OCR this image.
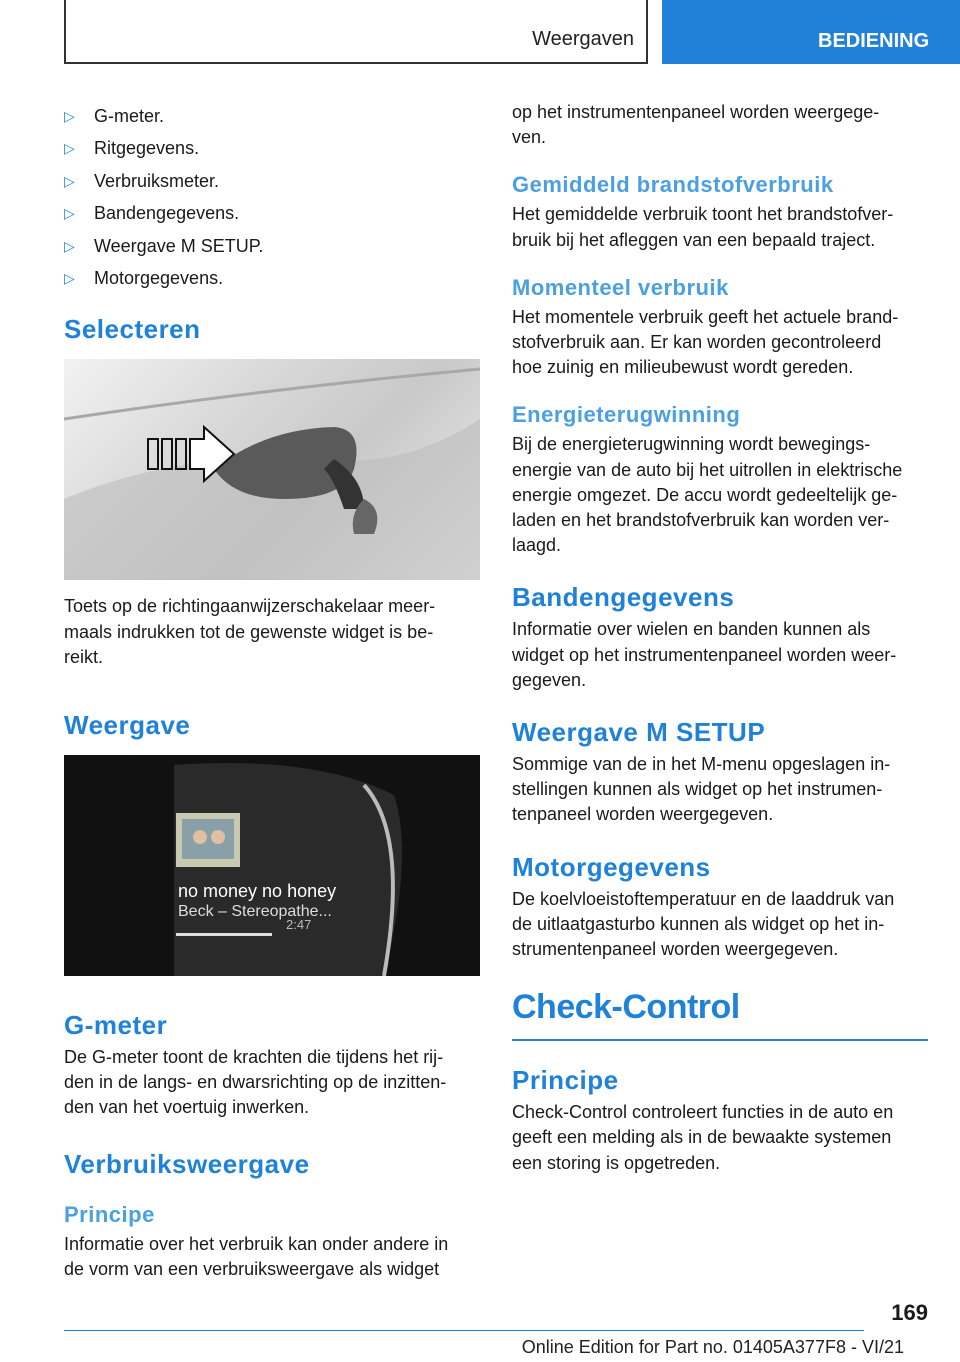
Weergaven	BEDIENING
▷ G-meter.
▷ Ritgegevens.
▷ Verbruiksmeter.
▷ Bandengegevens.
▷ Weergave M SETUP.
▷ Motorgegevens.
Selecteren

Toets op de richtingaanwijzerschakelaar meer-
maals indrukken tot de gewenste widget is be-
reikt.

Weergave
no money no honey
Beck – Stereopathe...
2:47
G-meter

De G-meter toont de krachten die tijdens het rij-
den in de langs- en dwarsrichting op de inzitten-
den van het voertuig inwerken.

Verbruiksweergave
Principe

Informatie over het verbruik kan onder andere in
de vorm van een verbruiksweergave als widget

op het instrumentenpaneel worden weergege-
ven.

Gemiddeld brandstofverbruik

Het gemiddelde verbruik toont het brandstofver-
bruik bij het afleggen van een bepaald traject.

Momenteel verbruik

Het momentele verbruik geeft het actuele brand-
stofverbruik aan. Er kan worden gecontroleerd
hoe zuinig en milieubewust wordt gereden.

Energieterugwinning

Bij de energieterugwinning wordt bewegings-
energie van de auto bij het uitrollen in elektrische
energie omgezet. De accu wordt gedeeltelijk ge-
laden en het brandstofverbruik kan worden ver-
laagd.

Bandengegevens

Informatie over wielen en banden kunnen als
widget op het instrumentenpaneel worden weer-
gegeven.

Weergave M SETUP

Sommige van de in het M-menu opgeslagen in-
stellingen kunnen als widget op het instrumen-
tenpaneel worden weergegeven.

Motorgegevens

De koelvloeistoftemperatuur en de laaddruk van
de uitlaatgasturbo kunnen als widget op het in-
strumentenpaneel worden weergegeven.

Check-Control
Principe

Check-Control controleert functies in de auto en
geeft een melding als in de bewaakte systemen
een storing is opgetreden.

169
Online Edition for Part no. 01405A377F8 - VI/21
